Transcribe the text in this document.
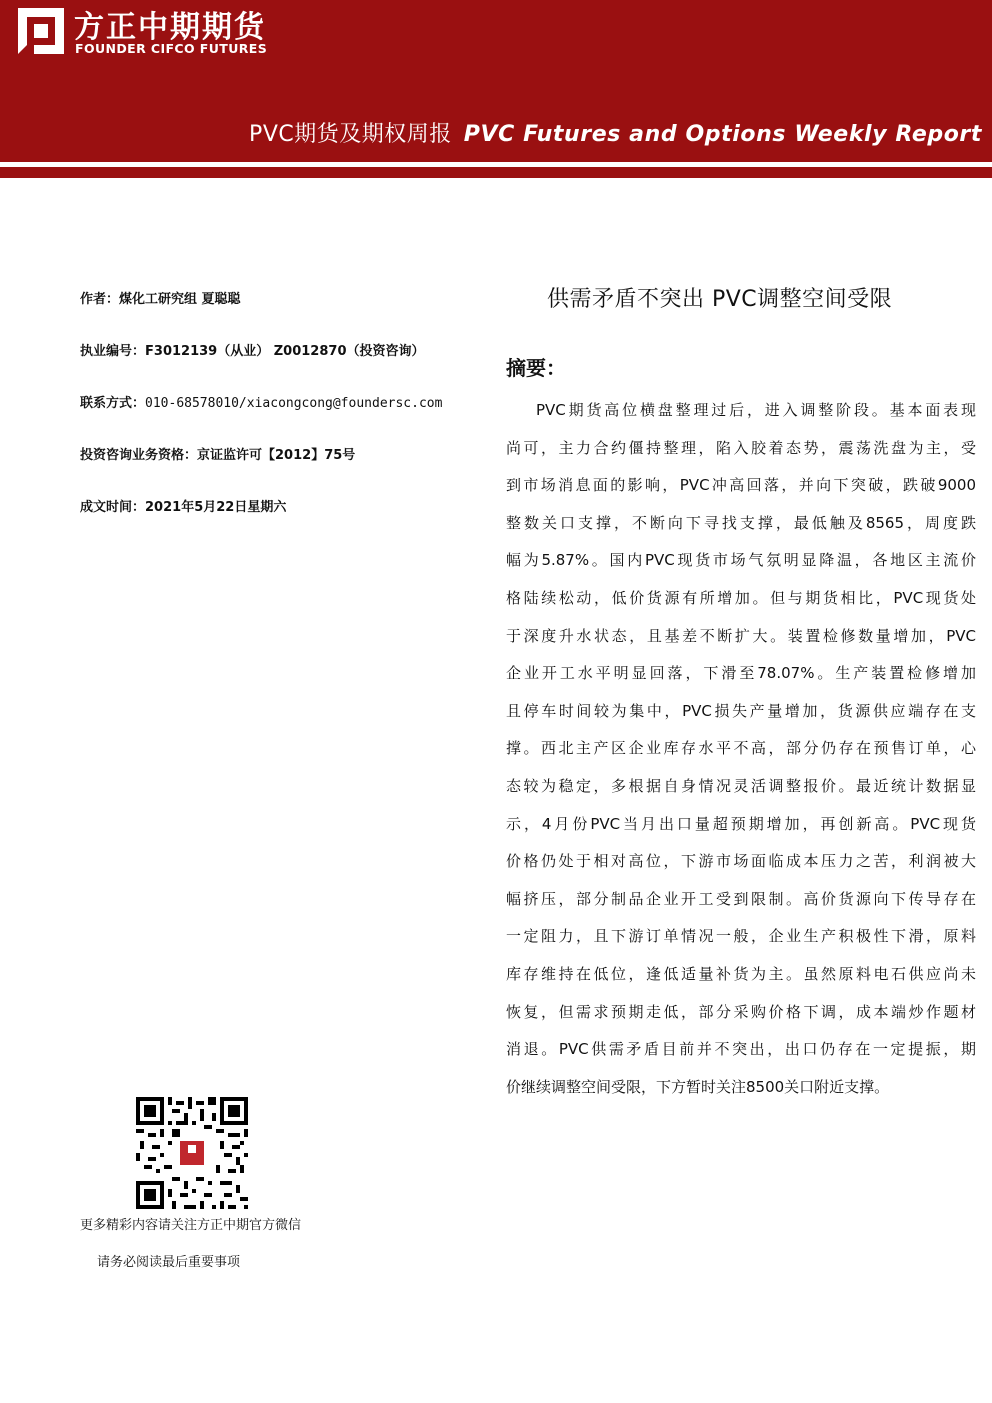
方正中期期货
FOUNDER CIFCO FUTURES
PVC期货及期权周报 PVC Futures and Options Weekly Report
作者：煤化工研究组 夏聪聪
执业编号：F3012139（从业） Z0012870（投资咨询）
联系方式：010-68578010/xiacongcong@foundersc.com
投资咨询业务资格：京证监许可【2012】75号
成文时间：2021年5月22日星期六
更多精彩内容请关注方正中期官方微信
请务必阅读最后重要事项
供需矛盾不突出 PVC调整空间受限
摘要：
PVC期货高位横盘整理过后，进入调整阶段。基本面表现
尚可，主力合约僵持整理，陷入胶着态势，震荡洗盘为主，受
到市场消息面的影响，PVC冲高回落，并向下突破，跌破9000
整数关口支撑，不断向下寻找支撑，最低触及8565，周度跌
幅为5.87%。国内PVC现货市场气氛明显降温，各地区主流价
格陆续松动，低价货源有所增加。但与期货相比，PVC现货处
于深度升水状态，且基差不断扩大。装置检修数量增加，PVC
企业开工水平明显回落，下滑至78.07%。生产装置检修增加
且停车时间较为集中，PVC损失产量增加，货源供应端存在支
撑。西北主产区企业库存水平不高，部分仍存在预售订单，心
态较为稳定，多根据自身情况灵活调整报价。最近统计数据显
示，4月份PVC当月出口量超预期增加，再创新高。PVC现货
价格仍处于相对高位，下游市场面临成本压力之苦，利润被大
幅挤压，部分制品企业开工受到限制。高价货源向下传导存在
一定阻力，且下游订单情况一般，企业生产积极性下滑，原料
库存维持在低位，逢低适量补货为主。虽然原料电石供应尚未
恢复，但需求预期走低，部分采购价格下调，成本端炒作题材
消退。PVC供需矛盾目前并不突出，出口仍存在一定提振，期
价继续调整空间受限，下方暂时关注8500关口附近支撑。
